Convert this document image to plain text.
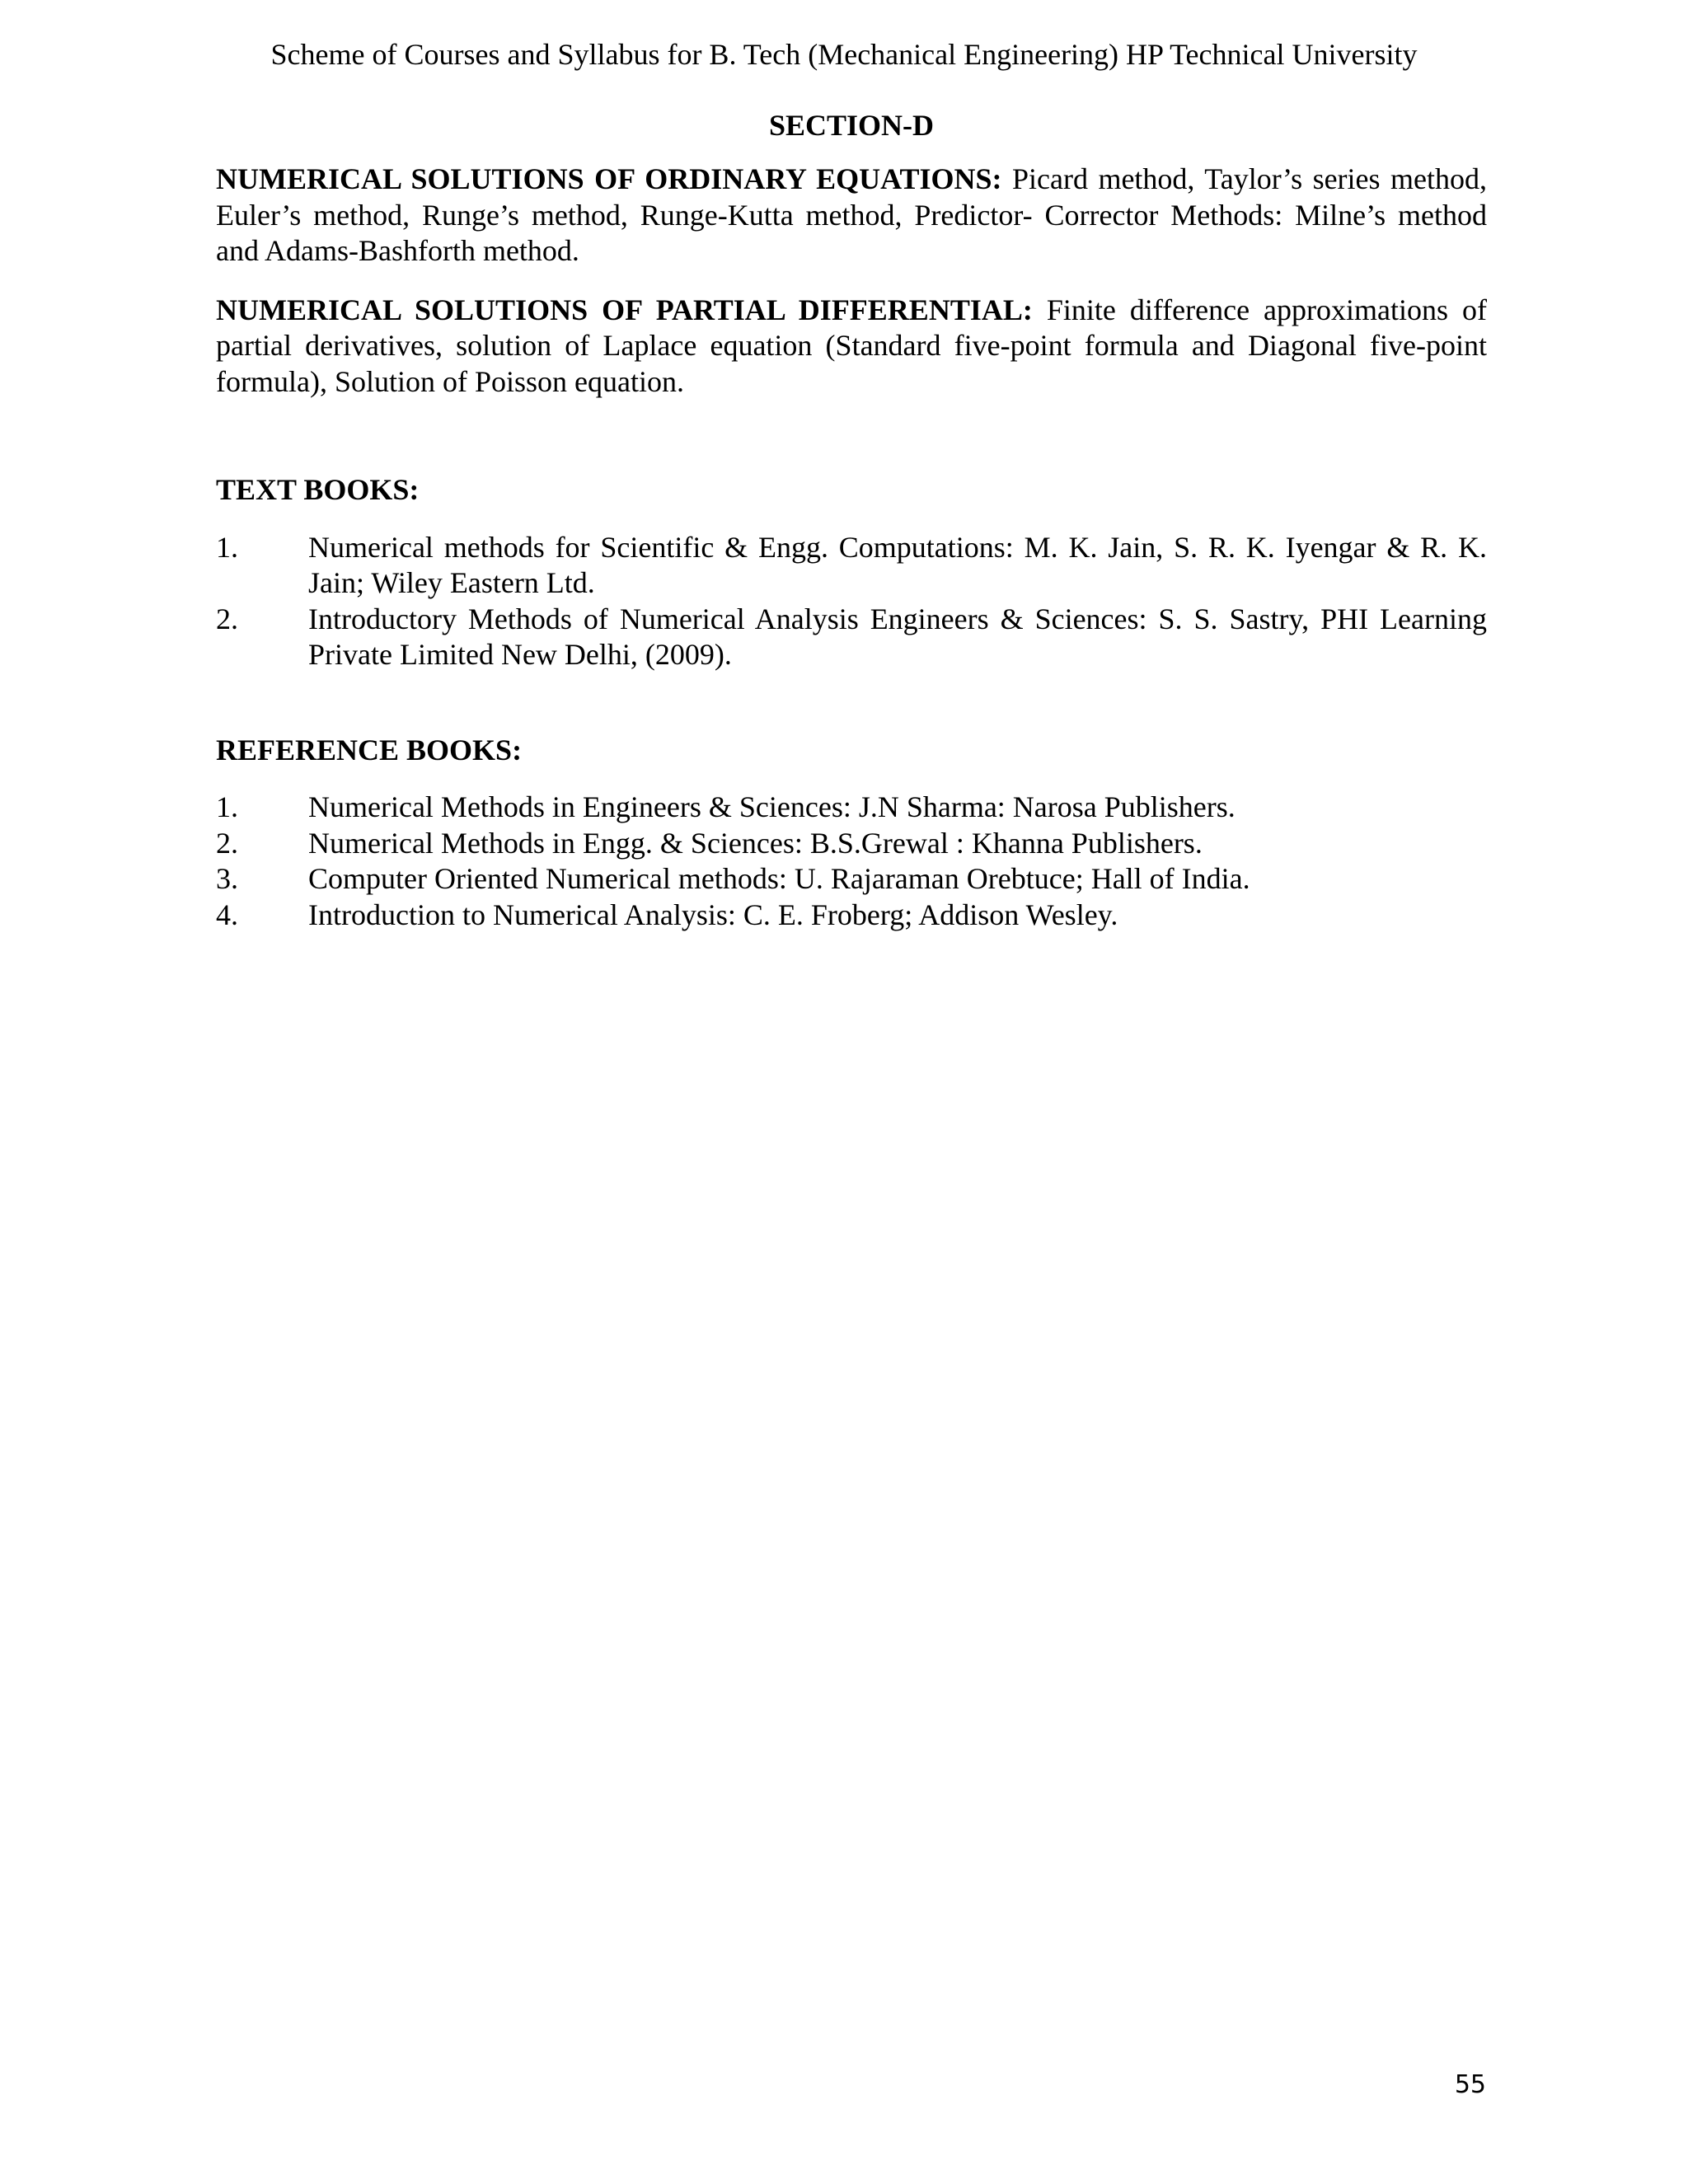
Scheme of Courses and Syllabus for B. Tech (Mechanical Engineering) HP Technical University
SECTION-D

NUMERICAL SOLUTIONS OF ORDINARY EQUATIONS: Picard method, Taylor’s series method, Euler’s method, Runge’s method, Runge-Kutta method, Predictor- Corrector Methods: Milne’s method and Adams-Bashforth method.

NUMERICAL SOLUTIONS OF PARTIAL DIFFERENTIAL: Finite difference approximations of partial derivatives, solution of Laplace equation (Standard five-point formula and Diagonal five-point formula), Solution of Poisson equation.

TEXT BOOKS:
1. Numerical methods for Scientific & Engg. Computations: M. K. Jain, S. R. K. Iyengar & R. K. Jain; Wiley Eastern Ltd.
2. Introductory Methods of Numerical Analysis Engineers & Sciences: S. S. Sastry, PHI Learning Private Limited New Delhi, (2009).
REFERENCE BOOKS:
1. Numerical Methods in Engineers & Sciences: J.N Sharma: Narosa Publishers.
2. Numerical Methods in Engg. & Sciences: B.S.Grewal : Khanna Publishers.
3. Computer Oriented Numerical methods: U. Rajaraman Orebtuce; Hall of India.
4. Introduction to Numerical Analysis: C. E. Froberg; Addison Wesley.
55
